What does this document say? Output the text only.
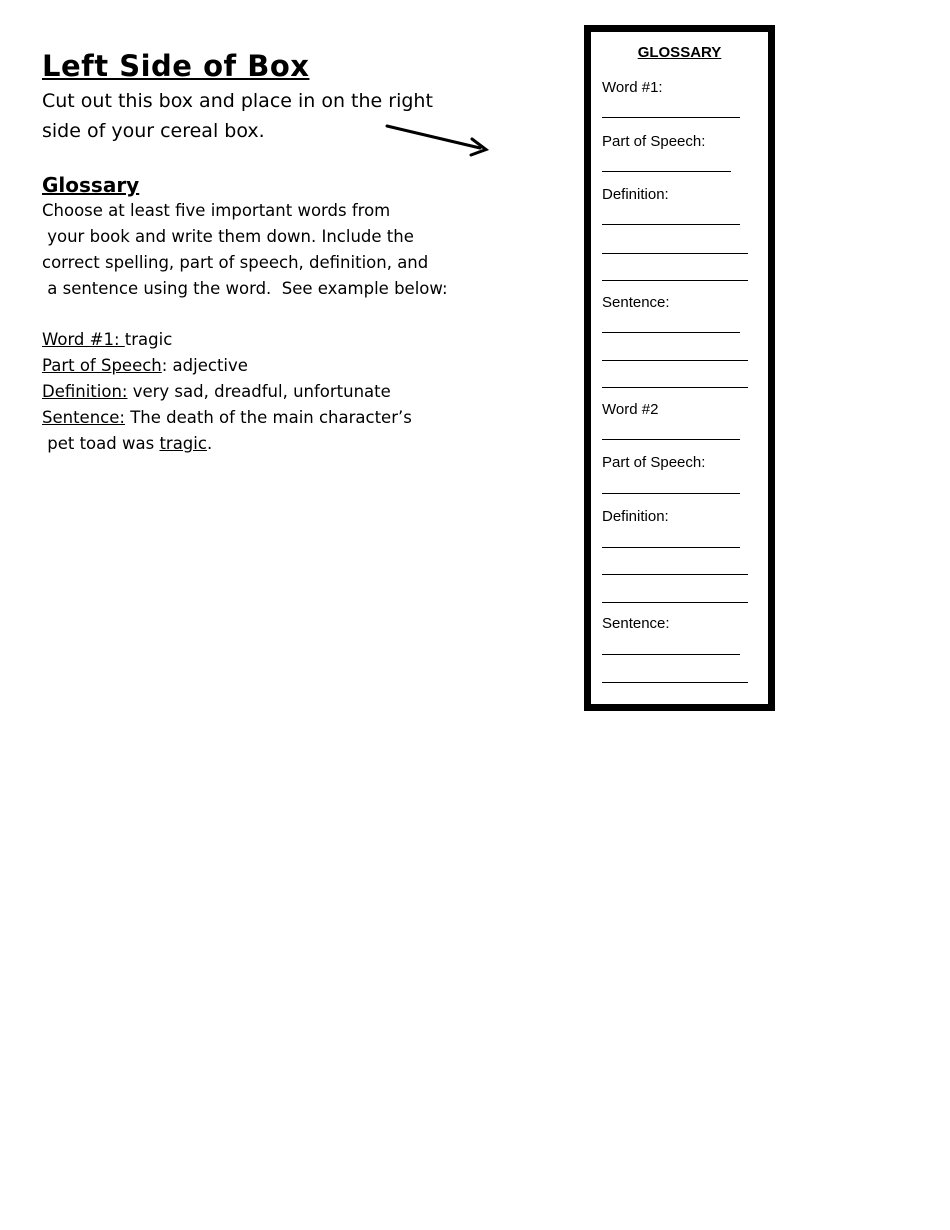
Left Side of Box
Cut out this box and place in on the right
side of your cereal box.
Glossary
Choose at least five important words from
your book and write them down. Include the
correct spelling, part of speech, definition, and
a sentence using the word.  See example below:
Word #1: tragic
Part of Speech: adjective
Definition: very sad, dreadful, unfortunate
Sentence: The death of the main character’s
pet toad was tragic.
GLOSSARY
Word #1:
Part of Speech:
Definition:
Sentence:
Word #2
Part of Speech:
Definition:
Sentence:
